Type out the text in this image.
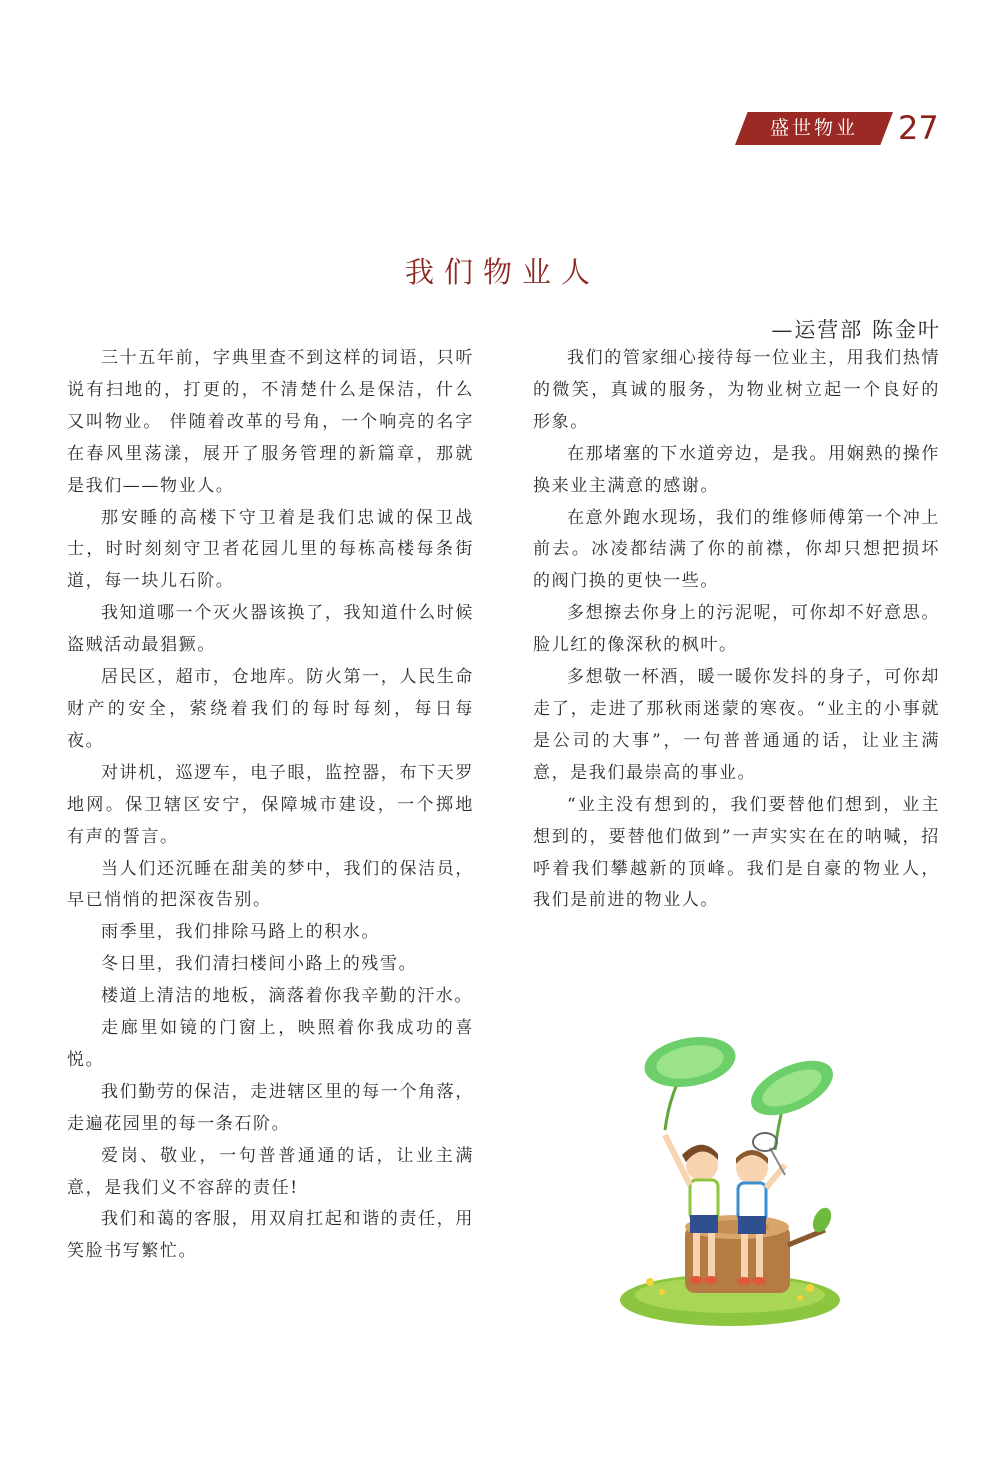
盛世物业	27
我们物业人
—运营部 陈金叶

三十五年前，字典里查不到这样的词语，只听说有扫地的，打更的，不清楚什么是保洁，什么又叫物业。 伴随着改革的号角，一个响亮的名字在春风里荡漾，展开了服务管理的新篇章，那就是我们——物业人。

那安睡的高楼下守卫着是我们忠诚的保卫战士，时时刻刻守卫者花园儿里的每栋高楼每条街道，每一块儿石阶。

我知道哪一个灭火器该换了，我知道什么时候盗贼活动最猖獗。

居民区，超市，仓地库。防火第一，人民生命财产的安全，萦绕着我们的每时每刻，每日每夜。

对讲机，巡逻车，电子眼，监控器，布下天罗地网。保卫辖区安宁，保障城市建设，一个掷地有声的誓言。

当人们还沉睡在甜美的梦中，我们的保洁员，早已悄悄的把深夜告别。

雨季里，我们排除马路上的积水。

冬日里，我们清扫楼间小路上的残雪。

楼道上清洁的地板，滴落着你我辛勤的汗水。

走廊里如镜的门窗上，映照着你我成功的喜悦。

我们勤劳的保洁，走进辖区里的每一个角落，走遍花园里的每一条石阶。

爱岗、敬业，一句普普通通的话，让业主满意，是我们义不容辞的责任!

我们和蔼的客服，用双肩扛起和谐的责任，用笑脸书写繁忙。

我们的管家细心接待每一位业主，用我们热情的微笑，真诚的服务，为物业树立起一个良好的形象。

在那堵塞的下水道旁边，是我。用娴熟的操作换来业主满意的感谢。

在意外跑水现场，我们的维修师傅第一个冲上前去。冰凌都结满了你的前襟，你却只想把损坏的阀门换的更快一些。

多想擦去你身上的污泥呢，可你却不好意思。脸儿红的像深秋的枫叶。

多想敬一杯酒，暖一暖你发抖的身子，可你却走了，走进了那秋雨迷蒙的寒夜。“业主的小事就是公司的大事”，一句普普通通的话，让业主满意，是我们最崇高的事业。

“业主没有想到的，我们要替他们想到，业主想到的，要替他们做到”一声实实在在的呐喊，招呼着我们攀越新的顶峰。我们是自豪的物业人，我们是前进的物业人。
